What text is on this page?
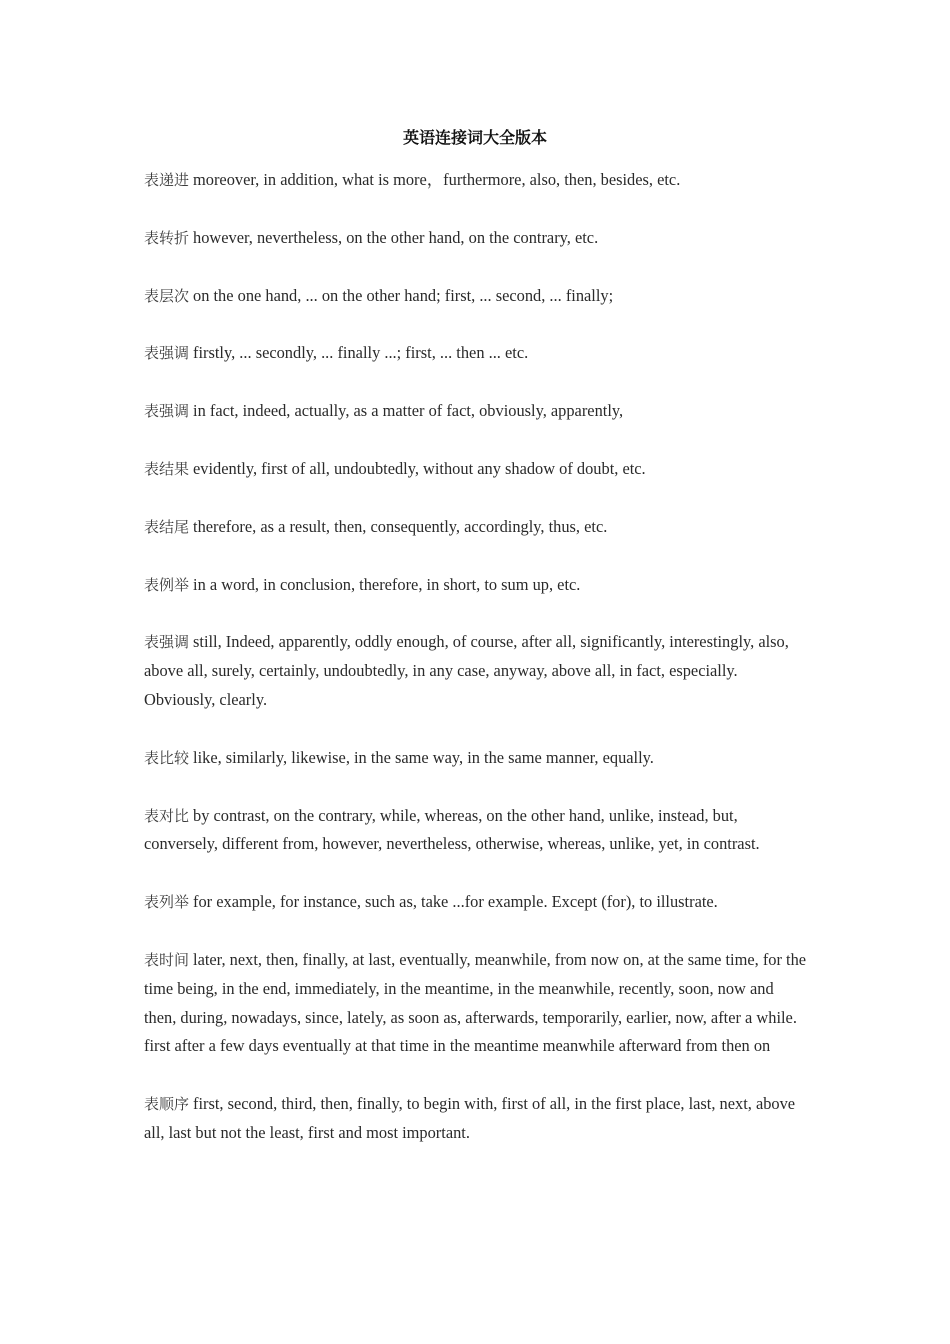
英语连接词大全版本

表递进 moreover, in addition, what is more，furthermore, also, then, besides, etc.

表转折 however, nevertheless, on the other hand, on the contrary, etc.

表层次 on the one hand, ... on the other hand; first, ... second, ... finally;

表强调 firstly, ... secondly, ... finally ...; first, ... then ... etc.

表强调 in fact, indeed, actually, as a matter of fact, obviously, apparently,

表结果 evidently, first of all, undoubtedly, without any shadow of doubt, etc.

表结尾 therefore, as a result, then, consequently, accordingly, thus, etc.

表例举 in a word, in conclusion, therefore, in short, to sum up, etc.

表强调 still, Indeed, apparently, oddly enough, of course, after all, significantly, interestingly, also, above all, surely, certainly, undoubtedly, in any case, anyway, above all, in fact, especially. Obviously, clearly.

表比较 like, similarly, likewise, in the same way, in the same manner, equally.

表对比 by contrast, on the contrary, while, whereas, on the other hand, unlike, instead, but, conversely, different from, however, nevertheless, otherwise, whereas, unlike, yet, in contrast.

表列举 for example, for instance, such as, take ...for example. Except (for), to illustrate.

表时间 later, next, then, finally, at last, eventually, meanwhile, from now on, at the same time, for the time being, in the end, immediately, in the meantime, in the meanwhile, recently, soon, now and then, during, nowadays, since, lately, as soon as, afterwards, temporarily, earlier, now, after a while. first after a few days eventually at that time in the meantime meanwhile afterward from then on

表顺序 first, second, third, then, finally, to begin with, first of all, in the first place, last, next, above all, last but not the least, first and most important.
